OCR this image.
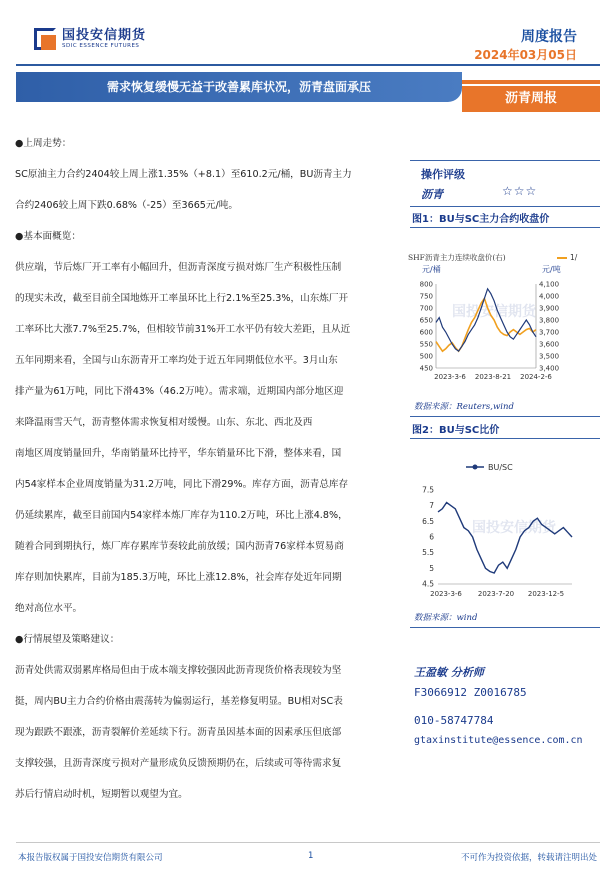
国投安信期货
SDIC ESSENCE FUTURES
周度报告
2024年03月05日
需求恢复缓慢无益于改善累库状况，沥青盘面承压
沥青周报

●上周走势：

SC原油主力合约2404较上周上涨1.35%（+8.1）至610.2元/桶，BU沥青主力

合约2406较上周下跌0.68%（-25）至3665元/吨。

●基本面概览：

供应端，节后炼厂开工率有小幅回升，但沥青深度亏损对炼厂生产积极性压制

的现实未改，截至目前全国地炼开工率虽环比上行2.1%至25.3%，山东炼厂开

工率环比大涨7.7%至25.7%，但相较节前31%开工水平仍有较大差距，且从近

五年同期来看，全国与山东沥青开工率均处于近五年同期低位水平。3月山东

排产量为61万吨，同比下滑43%（46.2万吨）。需求端，近期国内部分地区迎

来降温雨雪天气，沥青整体需求恢复相对缓慢。山东、东北、西北及西

南地区周度销量回升，华南销量环比持平，华东销量环比下滑，整体来看，国

内54家样本企业周度销量为31.2万吨，同比下滑29%。库存方面，沥青总库存

仍延续累库，截至目前国内54家样本炼厂库存为110.2万吨，环比上涨4.8%，

随着合同到期执行，炼厂库存累库节奏较此前放缓；国内沥青76家样本贸易商

库存则加快累库，目前为185.3万吨，环比上涨12.8%，社会库存处近年同期

绝对高位水平。

●行情展望及策略建议：

沥青处供需双弱累库格局但由于成本端支撑较强因此沥青现货价格表现较为坚

挺，周内BU主力合约价格由震荡转为偏弱运行，基差修复明显。BU相对SC表

现为跟跌不跟涨，沥青裂解价差延续下行。沥青虽因基本面的因素承压但底部

支撑较强，且沥青深度亏损对产量形成负反馈预期仍在，后续或可等待需求复

苏后行情启动时机，短期暂以观望为宜。

操作评级
沥青	☆☆☆
图1：BU与SC主力合约收盘价
国投安信期货
SHF沥青主力连续收盘价(右)	1/
元/桶	元/吨
450
500
550
600
650
700
750
800
3,400
3,500
3,600
3,700
3,800
3,900
4,000
4,100
2023-3-6 2023-8-21 2024-2-6
数据来源：Reuters,wind
图2：BU与SC比价
国投安信期货
BU/SC
4.5
5
5.5
6
6.5
7
7.5
2023-3-6 2023-7-20 2023-12-5
数据来源：wind
王盈敏 分析师
F3066912 Z0016785
010-58747784
gtaxinstitute@essence.com.cn
本报告版权属于国投安信期货有限公司	1	不可作为投资依据，转载请注明出处
